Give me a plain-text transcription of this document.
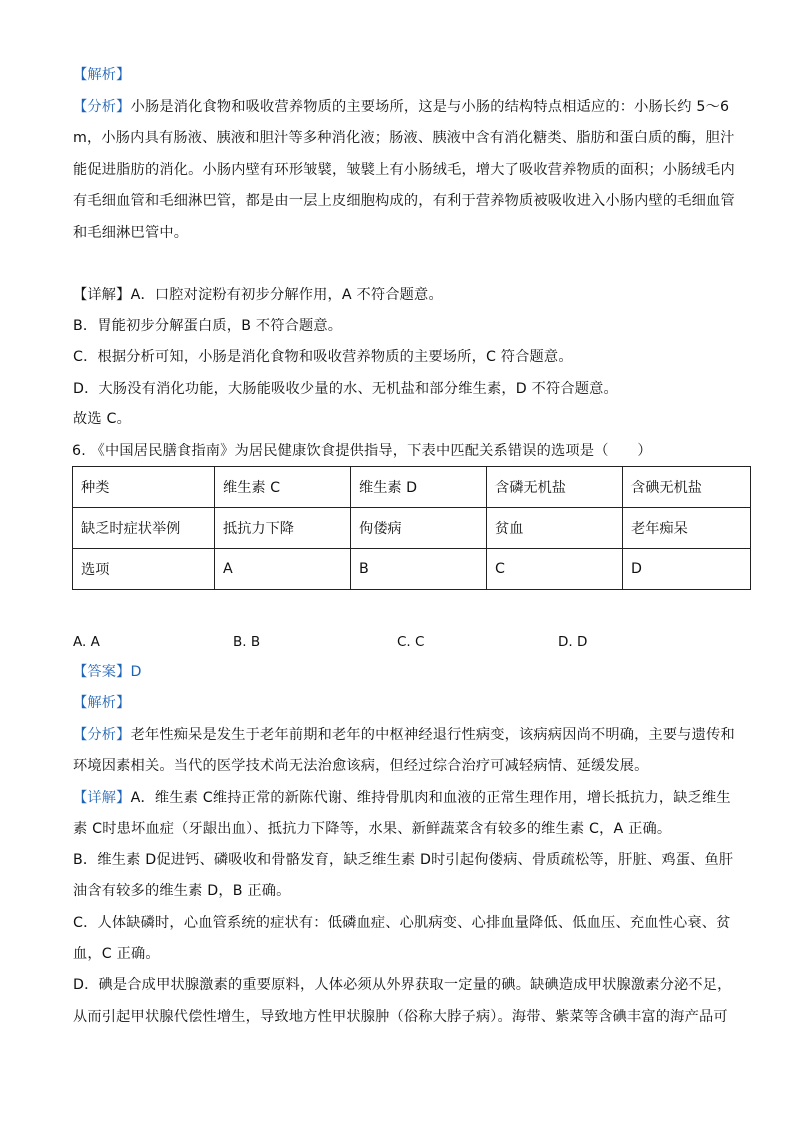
【解析】
【分析】小肠是消化食物和吸收营养物质的主要场所，这是与小肠的结构特点相适应的：小肠长约 5～6
m，小肠内具有肠液、胰液和胆汁等多种消化液；肠液、胰液中含有消化糖类、脂肪和蛋白质的酶，胆汁
能促进脂肪的消化。小肠内壁有环形皱襞，皱襞上有小肠绒毛，增大了吸收营养物质的面积；小肠绒毛内
有毛细血管和毛细淋巴管，都是由一层上皮细胞构成的，有利于营养物质被吸收进入小肠内壁的毛细血管
和毛细淋巴管中。
【详解】A．口腔对淀粉有初步分解作用，A 不符合题意。
B．胃能初步分解蛋白质，B 不符合题意。
C．根据分析可知，小肠是消化食物和吸收营养物质的主要场所，C 符合题意。
D．大肠没有消化功能，大肠能吸收少量的水、无机盐和部分维生素，D 不符合题意。
故选 C。
6. 《中国居民膳食指南》为居民健康饮食提供指导，下表中匹配关系错误的选项是（　　）
种类	维生素 C	维生素 D	含磷无机盐	含碘无机盐
缺乏时症状举例	抵抗力下降	佝偻病	贫血	老年痴呆
选项	A	B	C	D
A. A	B. B	C. C	D. D
【答案】D
【解析】
【分析】老年性痴呆是发生于老年前期和老年的中枢神经退行性病变，该病病因尚不明确，主要与遗传和
环境因素相关。当代的医学技术尚无法治愈该病，但经过综合治疗可减轻病情、延缓发展。
【详解】A．维生素 C维持正常的新陈代谢、维持骨肌肉和血液的正常生理作用，增长抵抗力，缺乏维生
素 C时患坏血症（牙龈出血）、抵抗力下降等，水果、新鲜蔬菜含有较多的维生素 C，A 正确。
B．维生素 D促进钙、磷吸收和骨骼发育，缺乏维生素 D时引起佝偻病、骨质疏松等，肝脏、鸡蛋、鱼肝
油含有较多的维生素 D，B 正确。
C．人体缺磷时，心血管系统的症状有：低磷血症、心肌病变、心排血量降低、低血压、充血性心衰、贫
血，C 正确。
D．碘是合成甲状腺激素的重要原料，人体必须从外界获取一定量的碘。缺碘造成甲状腺激素分泌不足，
从而引起甲状腺代偿性增生，导致地方性甲状腺肿（俗称大脖子病）。海带、紫菜等含碘丰富的海产品可
